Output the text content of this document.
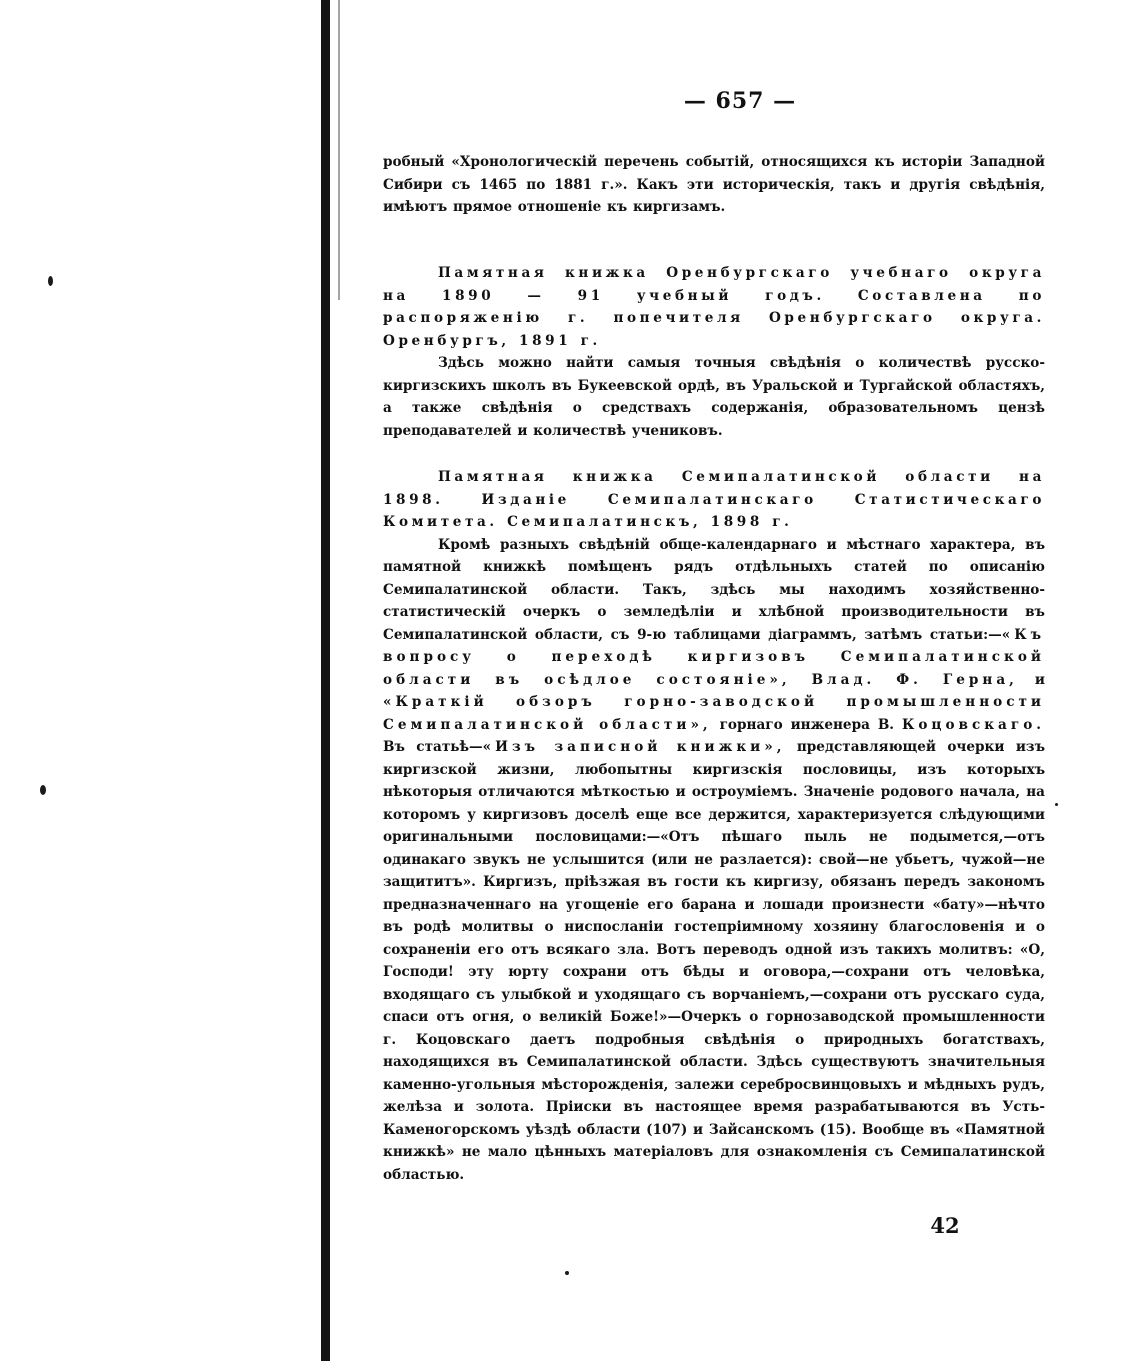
— 657 —

робный «Хронологическій перечень событій, относящихся къ исторіи Западной Сибири съ 1465 по 1881 г.». Какъ эти историческія, такъ и другія свѣдѣнія, имѣютъ прямое отношеніе къ киргизамъ.

Памятная книжка Оренбургскаго учебнаго округа на 1890 — 91 учебный годъ. Составлена по распоряженію г. попечителя Оренбургскаго округа. Оренбургъ, 1891 г.

Здѣсь можно найти самыя точныя свѣдѣнія о количествѣ русско-киргизскихъ школъ въ Букеевской ордѣ, въ Уральской и Тургайской областяхъ, а также свѣдѣнія о средствахъ содержанія, образовательномъ цензѣ преподавателей и количествѣ учениковъ.

Памятная книжка Семипалатинской области на 1898. Изданіе Семипалатинскаго Статистическаго Комитета. Семипалатинскъ, 1898 г.

Кромѣ разныхъ свѣдѣній обще-календарнаго и мѣстнаго характера, въ памятной книжкѣ помѣщенъ рядъ отдѣльныхъ статей по описанію Семипалатинской области. Такъ, здѣсь мы находимъ хозяйственно-статистическій очеркъ о земледѣліи и хлѣбной производительности въ Семипалатинской области, съ 9-ю таблицами діаграммъ, затѣмъ статьи:—«Къ вопросу о переходѣ киргизовъ Семипалатинской области въ осѣдлое состояніе», Влад. Ф. Герна, и «Краткій обзоръ горно-заводской промышленности Семипалатинской области», горнаго инженера В. Коцовскаго. Въ статьѣ—«Изъ записной книжки», представляющей очерки изъ киргизской жизни, любопытны киргизскія пословицы, изъ которыхъ нѣкоторыя отличаются мѣткостью и остроуміемъ. Значеніе родового начала, на которомъ у киргизовъ доселѣ еще все держится, характеризуется слѣдующими оригинальными пословицами:—«Отъ пѣшаго пыль не подымется,—отъ одинакаго звукъ не услышится (или не разлается): свой—не убьетъ, чужой—не защититъ». Киргизъ, пріѣзжая въ гости къ киргизу, обязанъ передъ закономъ предназначеннаго на угощеніе его барана и лошади произнести «бату»—нѣчто въ родѣ молитвы о ниспосланіи гостепріимному хозяину благословенія и о сохраненіи его отъ всякаго зла. Вотъ переводъ одной изъ такихъ молитвъ: «О, Господи! эту юрту сохрани отъ бѣды и оговора,—сохрани отъ человѣка, входящаго съ улыбкой и уходящаго съ ворчаніемъ,—сохрани отъ русскаго суда, спаси отъ огня, о великій Боже!»—Очеркъ о горнозаводской промышленности г. Коцовскаго даетъ подробныя свѣдѣнія о природныхъ богатствахъ, находящихся въ Семипалатинской области. Здѣсь существуютъ значительныя каменно-угольныя мѣсторожденія, залежи серебросвинцовыхъ и мѣдныхъ рудъ, желѣза и золота. Пріиски въ настоящее время разрабатываются въ Усть-Каменогорскомъ уѣздѣ области (107) и Зайсанскомъ (15). Вообще въ «Памятной книжкѣ» не мало цѣнныхъ матеріаловъ для ознакомленія съ Семипалатинской областью.

42
